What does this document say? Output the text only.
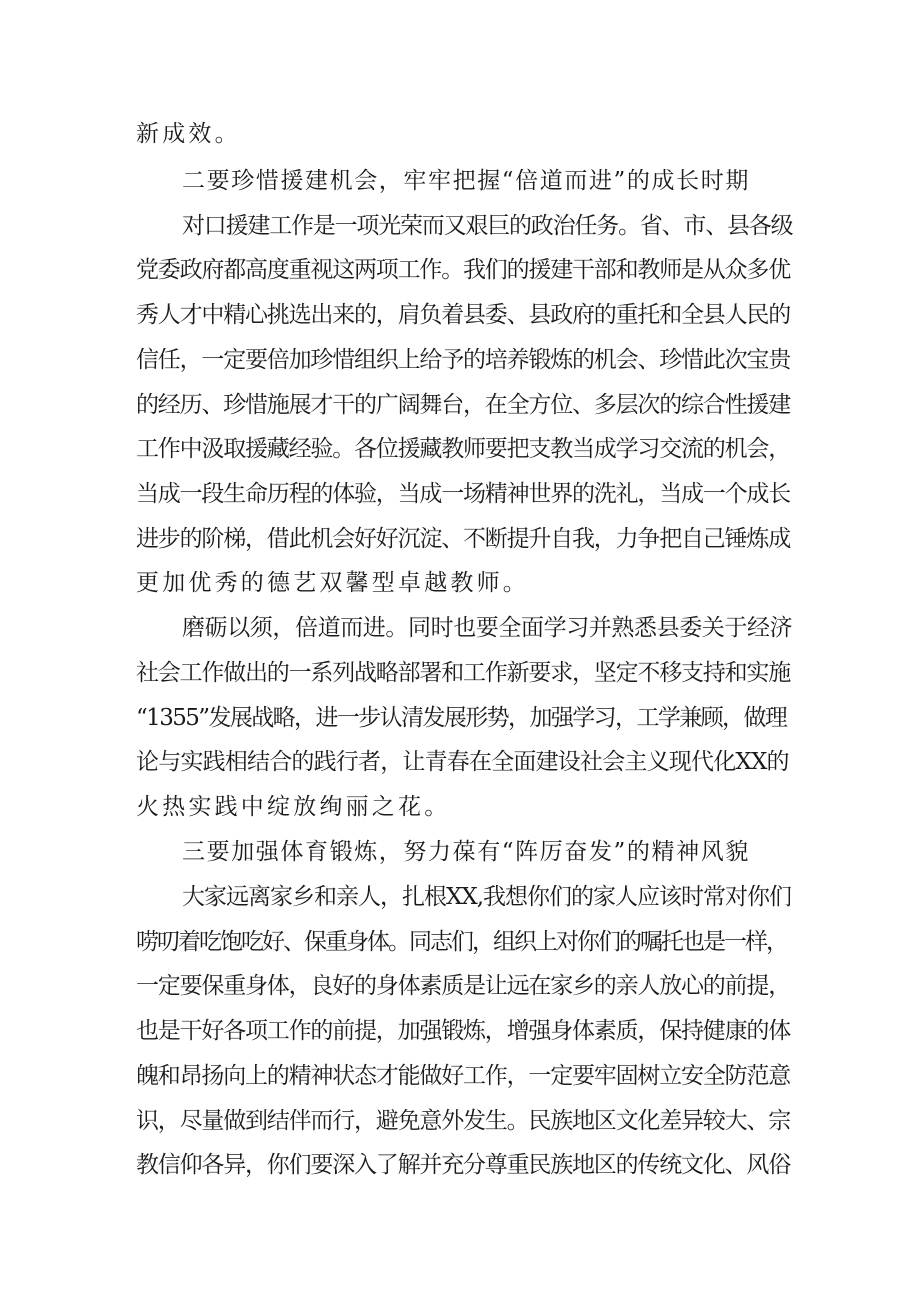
新成效。
二要珍惜援建机会，牢牢把握“倍道而进”的成长时期
对口援建工作是一项光荣而又艰巨的政治任务。省、市、县各级
党委政府都高度重视这两项工作。我们的援建干部和教师是从众多优
秀人才中精心挑选出来的，肩负着县委、县政府的重托和全县人民的
信任，一定要倍加珍惜组织上给予的培养锻炼的机会、珍惜此次宝贵
的经历、珍惜施展才干的广阔舞台，在全方位、多层次的综合性援建
工作中汲取援藏经验。各位援藏教师要把支教当成学习交流的机会，
当成一段生命历程的体验，当成一场精神世界的洗礼，当成一个成长
进步的阶梯，借此机会好好沉淀、不断提升自我，力争把自己锤炼成
更加优秀的德艺双馨型卓越教师。
磨砺以须，倍道而进。同时也要全面学习并熟悉县委关于经济
社会工作做出的一系列战略部署和工作新要求，坚定不移支持和实施
“1355”发展战略，进一步认清发展形势，加强学习，工学兼顾，做理
论与实践相结合的践行者，让青春在全面建设社会主义现代化XX的
火热实践中绽放绚丽之花。
三要加强体育锻炼，努力葆有“阵厉奋发”的精神风貌
大家远离家乡和亲人，扎根XX,我想你们的家人应该时常对你们
唠叨着吃饱吃好、保重身体。同志们，组织上对你们的嘱托也是一样，
一定要保重身体，良好的身体素质是让远在家乡的亲人放心的前提，
也是干好各项工作的前提，加强锻炼，增强身体素质，保持健康的体
魄和昂扬向上的精神状态才能做好工作，一定要牢固树立安全防范意
识，尽量做到结伴而行，避免意外发生。民族地区文化差异较大、宗
教信仰各异，你们要深入了解并充分尊重民族地区的传统文化、风俗
